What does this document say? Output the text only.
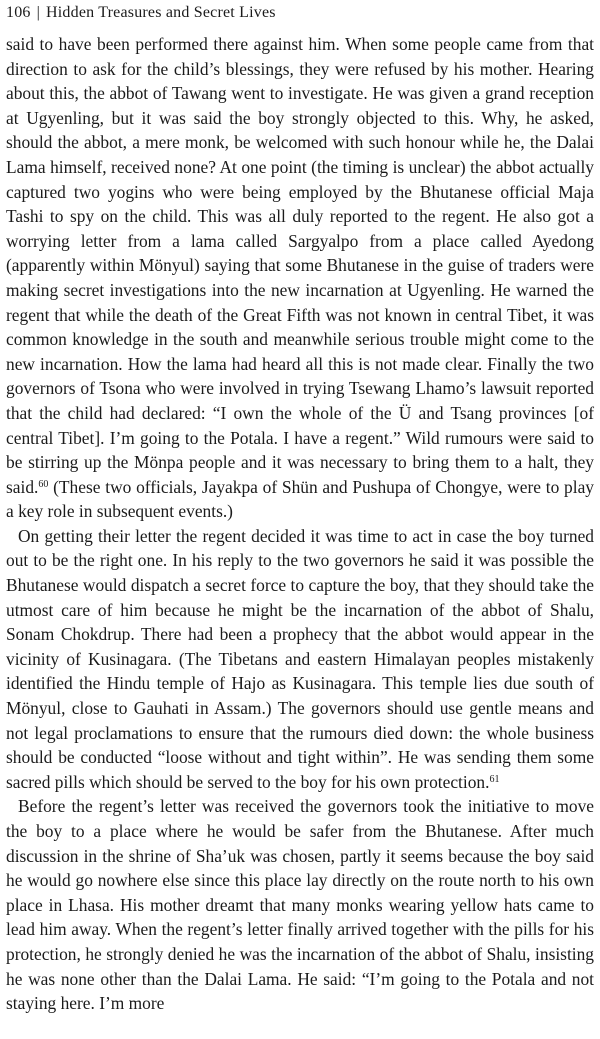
106 | Hidden Treasures and Secret Lives

said to have been performed there against him. When some people came from that direction to ask for the child’s blessings, they were refused by his mother. Hearing about this, the abbot of Tawang went to investigate. He was given a grand reception at Ugyenling, but it was said the boy strongly objected to this. Why, he asked, should the abbot, a mere monk, be welcomed with such honour while he, the Dalai Lama himself, received none? At one point (the timing is unclear) the abbot actually captured two yogins who were being employed by the Bhutanese official Maja Tashi to spy on the child. This was all duly reported to the regent. He also got a worrying letter from a lama called Sargyalpo from a place called Ayedong (apparently within Mönyul) saying that some Bhutanese in the guise of traders were making secret investigations into the new incarnation at Ugyenling. He warned the regent that while the death of the Great Fifth was not known in central Tibet, it was common knowledge in the south and meanwhile serious trouble might come to the new incarnation. How the lama had heard all this is not made clear. Finally the two governors of Tsona who were involved in trying Tsewang Lhamo’s lawsuit reported that the child had declared: “I own the whole of the Ü and Tsang provinces [of central Tibet]. I’m going to the Potala. I have a regent.” Wild rumours were said to be stirring up the Mönpa people and it was necessary to bring them to a halt, they said.$^{60}$ (These two officials, Jayakpa of Shün and Pushupa of Chongye, were to play a key role in subsequent events.)

On getting their letter the regent decided it was time to act in case the boy turned out to be the right one. In his reply to the two governors he said it was possible the Bhutanese would dispatch a secret force to capture the boy, that they should take the utmost care of him because he might be the incarnation of the abbot of Shalu, Sonam Chokdrup. There had been a prophecy that the abbot would appear in the vicinity of Kusinagara. (The Tibetans and eastern Himalayan peoples mistakenly identified the Hindu temple of Hajo as Kusinagara. This temple lies due south of Mönyul, close to Gauhati in Assam.) The governors should use gentle means and not legal proclamations to ensure that the rumours died down: the whole business should be conducted “loose without and tight within”. He was sending them some sacred pills which should be served to the boy for his own protection.$^{61}$

Before the regent’s letter was received the governors took the initiative to move the boy to a place where he would be safer from the Bhutanese. After much discussion in the shrine of Sha’uk was chosen, partly it seems because the boy said he would go nowhere else since this place lay directly on the route north to his own place in Lhasa. His mother dreamt that many monks wearing yellow hats came to lead him away. When the regent’s letter finally arrived together with the pills for his protection, he strongly denied he was the incarnation of the abbot of Shalu, insisting he was none other than the Dalai Lama. He said: “I’m going to the Potala and not staying here. I’m more
